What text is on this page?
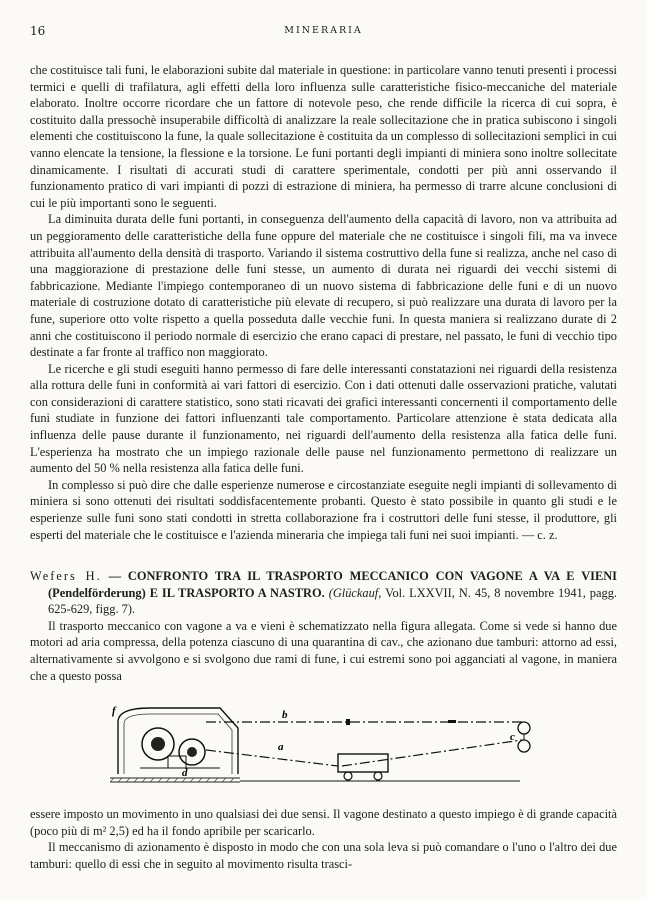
16	MINERARIA

che costituisce tali funi, le elaborazioni subite dal materiale in questione: in particolare vanno tenuti presenti i processi termici e quelli di trafilatura, agli effetti della loro influenza sulle caratteristiche fisico-meccaniche del materiale elaborato. Inoltre occorre ricordare che un fattore di notevole peso, che rende difficile la ricerca di cui sopra, è costituito dalla pressochè insuperabile difficoltà di analizzare la reale sollecitazione che in pratica subiscono i singoli elementi che costituiscono la fune, la quale sollecitazione è costituita da un complesso di sollecitazioni semplici in cui vanno elencate la tensione, la flessione e la torsione. Le funi portanti degli impianti di miniera sono inoltre sollecitate dinamicamente. I risultati di accurati studi di carattere sperimentale, condotti per più anni osservando il funzionamento pratico di vari impianti di pozzi di estrazione di miniera, ha permesso di trarre alcune conclusioni di cui le più importanti sono le seguenti.

La diminuita durata delle funi portanti, in conseguenza dell'aumento della capacità di lavoro, non va attribuita ad un peggioramento delle caratteristiche della fune oppure del materiale che ne costituisce i singoli fili, ma va invece attribuita all'aumento della densità di trasporto. Variando il sistema costruttivo della fune si realizza, anche nel caso di una maggiorazione di prestazione delle funi stesse, un aumento di durata nei riguardi dei vecchi sistemi di fabbricazione. Mediante l'impiego contemporaneo di un nuovo sistema di fabbricazione delle funi e di un nuovo materiale di costruzione dotato di caratteristiche più elevate di recupero, si può realizzare una durata di lavoro per la fune, superiore otto volte rispetto a quella posseduta dalle vecchie funi. In questa maniera si realizzano durate di 2 anni che costituiscono il periodo normale di esercizio che erano capaci di prestare, nel passato, le funi di vecchio tipo destinate a far fronte al traffico non maggiorato.

Le ricerche e gli studi eseguiti hanno permesso di fare delle interessanti constatazioni nei riguardi della resistenza alla rottura delle funi in conformità ai vari fattori di esercizio. Con i dati ottenuti dalle osservazioni pratiche, valutati con considerazioni di carattere statistico, sono stati ricavati dei grafici interessanti concernenti il comportamento delle funi studiate in funzione dei fattori influenzanti tale comportamento. Particolare attenzione è stata dedicata alla influenza delle pause durante il funzionamento, nei riguardi dell'aumento della resistenza alla fatica delle funi. L'esperienza ha mostrato che un impiego razionale delle pause nel funzionamento permettono di realizzare un aumento del 50 % nella resistenza alla fatica delle funi.

In complesso si può dire che dalle esperienze numerose e circostanziate eseguite negli impianti di sollevamento di miniera si sono ottenuti dei risultati soddisfacentemente probanti. Questo è stato possibile in quanto gli studi e le esperienze sulle funi sono stati condotti in stretta collaborazione fra i costruttori delle funi stesse, il produttore, gli esperti del materiale che le costituisce e l'azienda mineraria che impiega tali funi nei suoi impianti. — c. z.

Wefers H. — CONFRONTO TRA IL TRASPORTO MECCANICO CON VAGONE A VA E VIENI (Pendelförderung) E IL TRASPORTO A NASTRO. (Glückauf, Vol. LXXVII, N. 45, 8 novembre 1941, pagg. 625-629, figg. 7).

Il trasporto meccanico con vagone a va e vieni è schematizzato nella figura allegata. Come si vede si hanno due motori ad aria compressa, della potenza ciascuno di una quarantina di cav., che azionano due tamburi: attorno ad essi, alternativamente si avvolgono e si svolgono due rami di fune, i cui estremi sono poi agganciati al vagone, in maniera che a questo possa

f	b
a
d
c

essere imposto un movimento in uno qualsiasi dei due sensi. Il vagone destinato a questo impiego è di grande capacità (poco più di m² 2,5) ed ha il fondo apribile per scaricarlo.

Il meccanismo di azionamento è disposto in modo che con una sola leva si può comandare o l'uno o l'altro dei due tamburi: quello di essi che in seguito al movimento risulta trasci-
